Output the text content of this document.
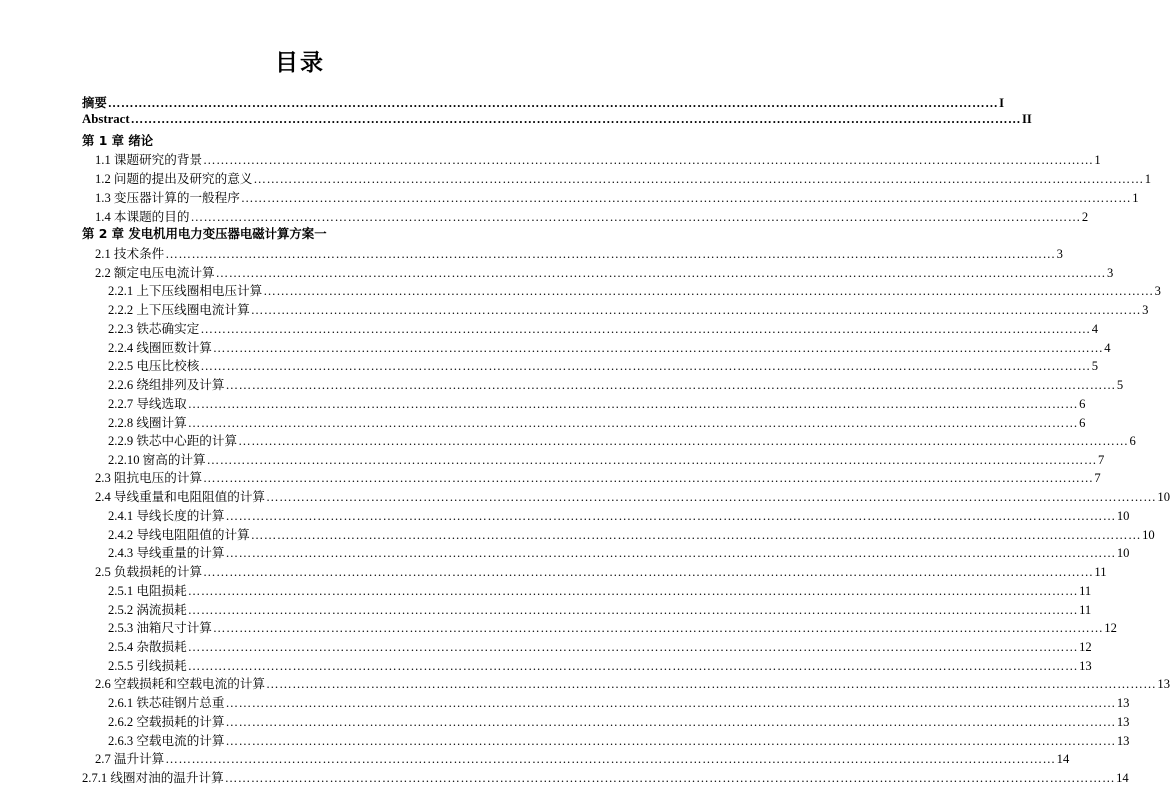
目录
摘要 …………………………………………………………………………………………………………………………………………………………………………………… I
Abstract …………………………………………………………………………………………………………………………………………………………………………………… II
第 1 章 绪论
1.1 课题研究的背景 …………………………………………………………………………………………………………………………………………………………………………………… 1
1.2 问题的提出及研究的意义 …………………………………………………………………………………………………………………………………………………………………………………… 1
1.3 变压器计算的一般程序 …………………………………………………………………………………………………………………………………………………………………………………… 1
1.4 本课题的目的 …………………………………………………………………………………………………………………………………………………………………………………… 2
第 2 章 发电机用电力变压器电磁计算方案一
2.1 技术条件 …………………………………………………………………………………………………………………………………………………………………………………… 3
2.2 额定电压电流计算 …………………………………………………………………………………………………………………………………………………………………………………… 3
2.2.1 上下压线圈相电压计算 …………………………………………………………………………………………………………………………………………………………………………………… 3
2.2.2 上下压线圈电流计算 …………………………………………………………………………………………………………………………………………………………………………………… 3
2.2.3 铁芯确实定 …………………………………………………………………………………………………………………………………………………………………………………… 4
2.2.4 线圈匝数计算 …………………………………………………………………………………………………………………………………………………………………………………… 4
2.2.5 电压比校核 …………………………………………………………………………………………………………………………………………………………………………………… 5
2.2.6 绕组排列及计算 …………………………………………………………………………………………………………………………………………………………………………………… 5
2.2.7 导线选取 …………………………………………………………………………………………………………………………………………………………………………………… 6
2.2.8 线圈计算 …………………………………………………………………………………………………………………………………………………………………………………… 6
2.2.9 铁芯中心距的计算 …………………………………………………………………………………………………………………………………………………………………………………… 6
2.2.10 窗高的计算 …………………………………………………………………………………………………………………………………………………………………………………… 7
2.3 阻抗电压的计算 …………………………………………………………………………………………………………………………………………………………………………………… 7
2.4 导线重量和电阻阻值的计算 …………………………………………………………………………………………………………………………………………………………………………………… 10
2.4.1 导线长度的计算 …………………………………………………………………………………………………………………………………………………………………………………… 10
2.4.2 导线电阻阻值的计算 …………………………………………………………………………………………………………………………………………………………………………………… 10
2.4.3 导线重量的计算 …………………………………………………………………………………………………………………………………………………………………………………… 10
2.5 负载损耗的计算 …………………………………………………………………………………………………………………………………………………………………………………… 11
2.5.1 电阻损耗 …………………………………………………………………………………………………………………………………………………………………………………… 11
2.5.2 涡流损耗 …………………………………………………………………………………………………………………………………………………………………………………… 11
2.5.3 油箱尺寸计算 …………………………………………………………………………………………………………………………………………………………………………………… 12
2.5.4 杂散损耗 …………………………………………………………………………………………………………………………………………………………………………………… 12
2.5.5 引线损耗 …………………………………………………………………………………………………………………………………………………………………………………… 13
2.6 空载损耗和空载电流的计算 …………………………………………………………………………………………………………………………………………………………………………………… 13
2.6.1 铁芯硅钢片总重 …………………………………………………………………………………………………………………………………………………………………………………… 13
2.6.2 空载损耗的计算 …………………………………………………………………………………………………………………………………………………………………………………… 13
2.6.3 空载电流的计算 …………………………………………………………………………………………………………………………………………………………………………………… 13
2.7 温升计算 …………………………………………………………………………………………………………………………………………………………………………………… 14
2.7.1 线圈对油的温升计算 …………………………………………………………………………………………………………………………………………………………………………………… 14
